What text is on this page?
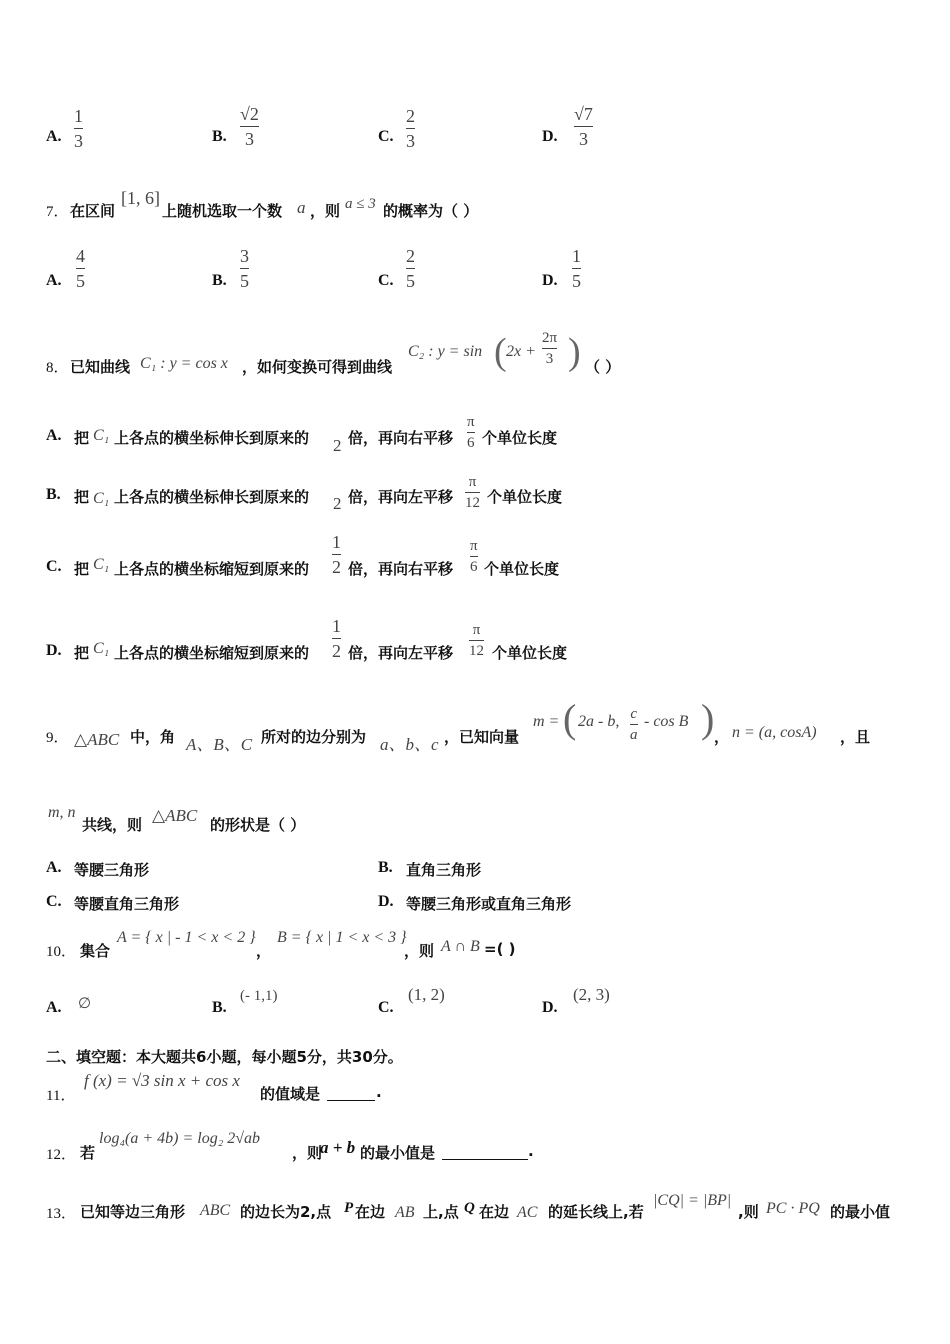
A.
1
3	B.
√2
3	C.
2
3	D.
√7
3
7． 在区间
[1, 6]
上随机选取一个数 a ，则 a ≤ 3 的概率为（ ）
A.
4
5	B.
3
5	C.
2
5	D.
1
5
8． 已知曲线 C₁ : y = cos x ，如何变换可得到曲线
C₂ : y = sin ( 2x +
2π
3 ) （ ）
A. 把 C₁ 上各点的横坐标伸长到原来的 2 倍，再向右平移
π
6 个单位长度
B. 把 C₁ 上各点的横坐标伸长到原来的 2 倍，再向左平移
π
12 个单位长度
C. 把 C₁ 上各点的横坐标缩短到原来的
1
2 倍，再向右平移
π
6 个单位长度
D. 把 C₁ 上各点的横坐标缩短到原来的
1
2 倍，再向左平移
π
12 个单位长度
9． △ABC 中，角 A、B、C 所对的边分别为 a、b、c ，已知向量
m = ( 2a - b, c
a
- cos B ) ， n = (a, cosA) ，且
m, n
共线，则 △ABC 的形状是（ ）
A. 等腰三角形	B. 直角三角形
C. 等腰直角三角形	D. 等腰三角形或直角三角形
10． 集合
A = { x | - 1 < x < 2 }
，
B = { x | 1 < x < 3 }
，则 A ∩ B =( )
A. ∅	B.
(- 1,1)
C.
(1, 2)
D.
(2, 3)
二、填空题：本大题共6小题，每小题5分，共30分。
11．
f (x) = √3 sin x + cos x
的值域是	.
12． 若
log₄(a + 4b) = log₂ 2√ab
，则
a + b 的最小值是	.
13． 已知等边三角形 ABC 的边长为2,点 P 在边 AB 上,点 Q 在边 AC 的延长线上,若
|CQ| = |BP|
,则 PC · PQ 的最小值
